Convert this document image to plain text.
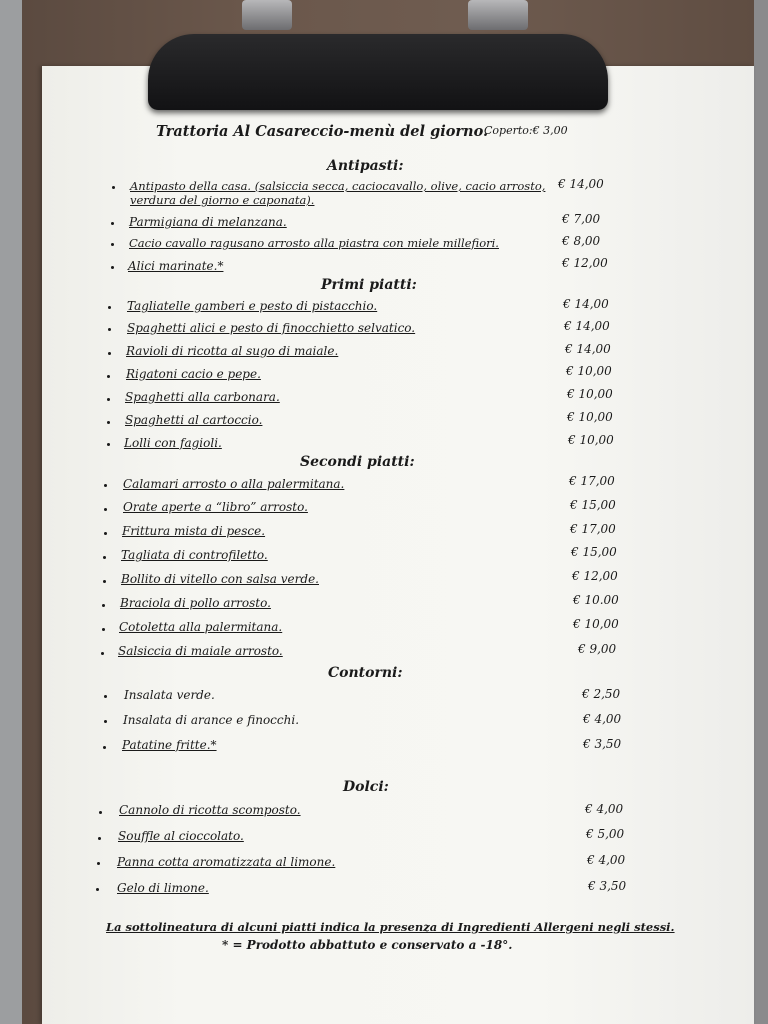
Trattoria Al Casareccio-menù del giorno.
Coperto:€ 3,00
Antipasti:
Antipasto della casa. (salsiccia secca, caciocavallo, olive, cacio arrosto,
verdura del giorno e caponata).
€ 14,00
Parmigiana di melanzana.	€ 7,00
Cacio cavallo ragusano arrosto alla piastra con miele millefiori.	€ 8,00
Alici marinate.*	€ 12,00
Primi piatti:
Tagliatelle gamberi e pesto di pistacchio.	€ 14,00
Spaghetti alici e pesto di finocchietto selvatico.	€ 14,00
Ravioli di ricotta al sugo di maiale.	€ 14,00
Rigatoni cacio e pepe.	€ 10,00
Spaghetti alla carbonara.	€ 10,00
Spaghetti al cartoccio.	€ 10,00
Lolli con fagioli.	€ 10,00
Secondi piatti:
Calamari arrosto o alla palermitana.	€ 17,00
Orate aperte a “libro” arrosto.	€ 15,00
Frittura mista di pesce.	€ 17,00
Tagliata di controfiletto.	€ 15,00
Bollito di vitello con salsa verde.	€ 12,00
Braciola di pollo arrosto.	€ 10.00
Cotoletta alla palermitana.	€ 10,00
Salsiccia di maiale arrosto.	€ 9,00
Contorni:
Insalata verde.	€ 2,50
Insalata di arance e finocchi.	€ 4,00
Patatine fritte.*	€ 3,50
Dolci:
Cannolo di ricotta scomposto.	€ 4,00
Souffle al cioccolato.	€ 5,00
Panna cotta aromatizzata al limone.	€ 4,00
Gelo di limone.	€ 3,50
La sottolineatura di alcuni piatti indica la presenza di Ingredienti Allergeni negli stessi.
* = Prodotto abbattuto e conservato a -18°.
